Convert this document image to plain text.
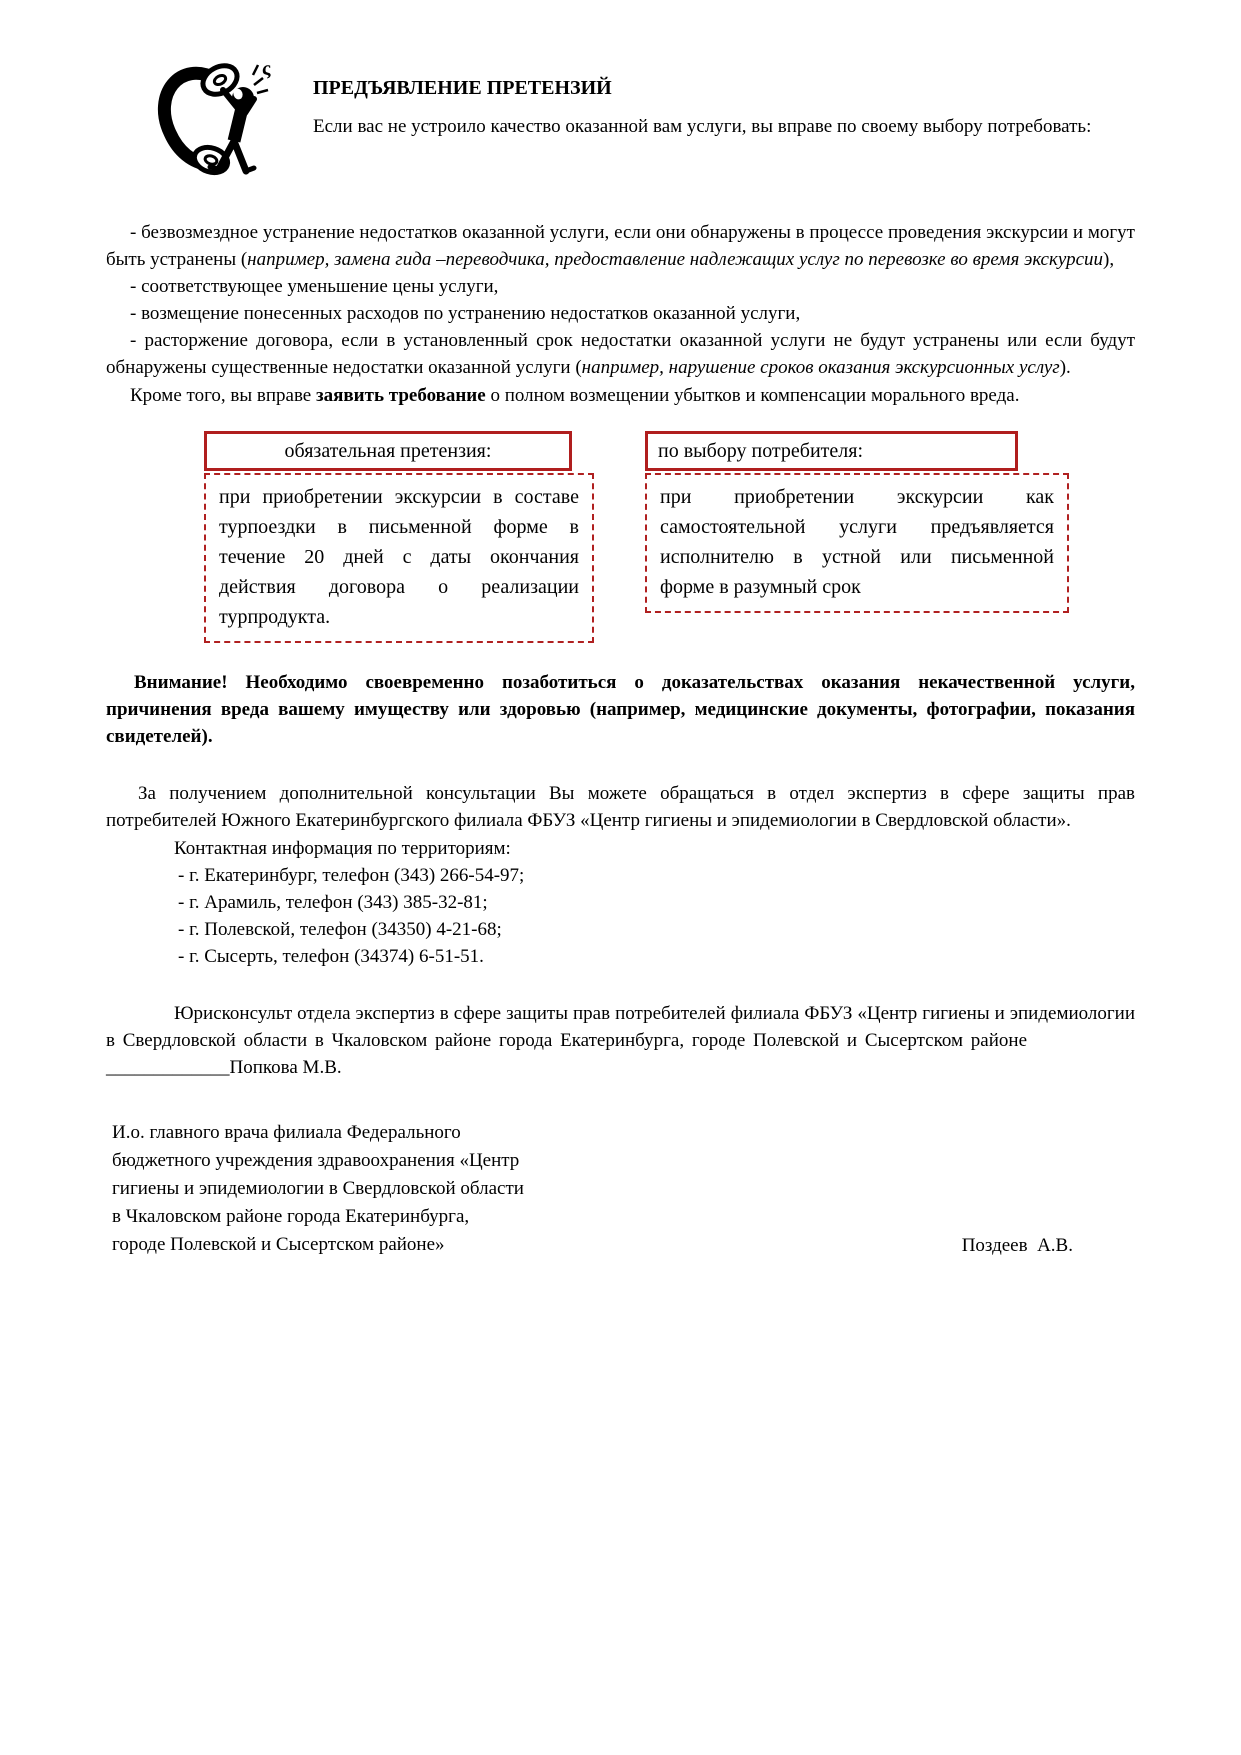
ς
ПРЕДЪЯВЛЕНИЕ ПРЕТЕНЗИЙ

Если вас не устроило качество оказанной вам услуги, вы вправе по своему выбору потребовать:

- безвозмездное устранение недостатков оказанной услуги, если они обнаружены в процессе проведения экскурсии и могут быть устранены (например, замена гида –переводчика, предоставление надлежащих услуг по перевозке во время экскурсии),

- соответствующее уменьшение цены услуги,

- возмещение понесенных расходов по устранению недостатков оказанной услуги,

- расторжение договора, если в установленный срок недостатки оказанной услуги не будут устранены или если будут обнаружены существенные недостатки оказанной услуги (например, нарушение сроков оказания экскурсионных услуг).

Кроме того, вы вправе заявить требование о полном возмещении убытков и компенсации морального вреда.

обязательная претензия:
при приобретении экскурсии в составе турпоездки в письменной форме в течение 20 дней с даты окончания действия договора о реализации турпродукта.
по выбору потребителя:
при приобретении экскурсии как самостоятельной услуги предъявляется исполнителю в устной или письменной форме в разумный срок

Внимание! Необходимо своевременно позаботиться о доказательствах оказания некачественной услуги, причинения вреда вашему имуществу или здоровью (например, медицинские документы, фотографии, показания свидетелей).

За получением дополнительной консультации Вы можете обращаться в отдел экспертиз в сфере защиты прав потребителей Южного Екатеринбургского филиала ФБУЗ «Центр гигиены и эпидемиологии в Свердловской области».

Контактная информация по территориям:

- г. Екатеринбург, телефон (343) 266-54-97;

- г. Арамиль, телефон (343) 385-32-81;

- г. Полевской, телефон (34350) 4-21-68;

- г. Сысерть, телефон (34374) 6-51-51.

Юрисконсульт отдела экспертиз в сфере защиты прав потребителей филиала ФБУЗ «Центр гигиены и эпидемиологии в Свердловской области в Чкаловском районе города Екатеринбурга, городе Полевской и Сысертском районе_____________Попкова М.В.

И.о. главного врача филиала Федерального
бюджетного учреждения здравоохранения «Центр
гигиены и эпидемиологии в Свердловской области
в Чкаловском районе города Екатеринбурга,
городе Полевской и Сысертском районе»	Поздеев  А.В.
